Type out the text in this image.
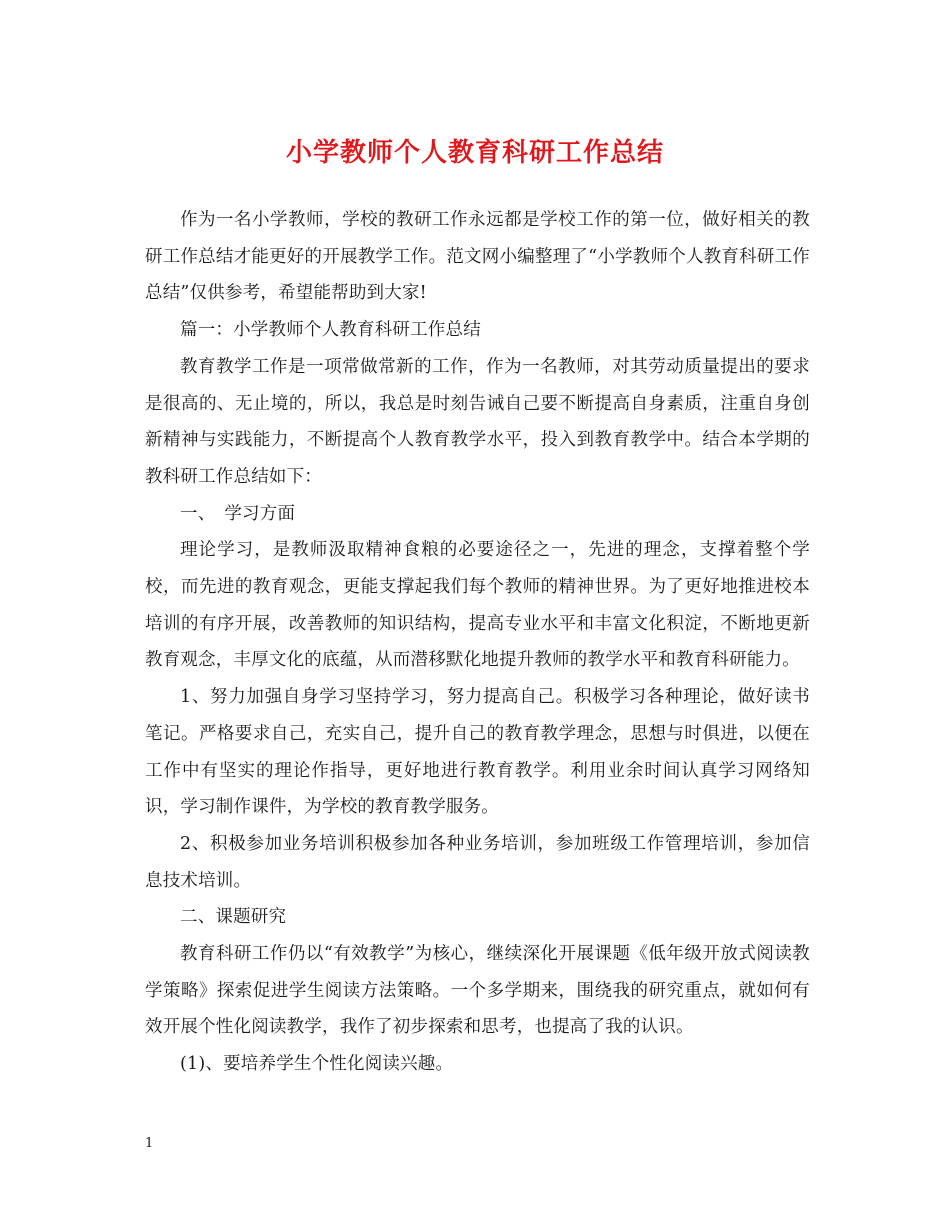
小学教师个人教育科研工作总结

作为一名小学教师，学校的教研工作永远都是学校工作的第一位，做好相关的教研工作总结才能更好的开展教学工作。范文网小编整理了“小学教师个人教育科研工作总结”仅供参考，希望能帮助到大家!

篇一：小学教师个人教育科研工作总结

教育教学工作是一项常做常新的工作，作为一名教师，对其劳动质量提出的要求是很高的、无止境的，所以，我总是时刻告诫自己要不断提高自身素质，注重自身创新精神与实践能力，不断提高个人教育教学水平，投入到教育教学中。结合本学期的教科研工作总结如下：

一、　学习方面

理论学习，是教师汲取精神食粮的必要途径之一，先进的理念，支撑着整个学校，而先进的教育观念，更能支撑起我们每个教师的精神世界。为了更好地推进校本培训的有序开展，改善教师的知识结构，提高专业水平和丰富文化积淀，不断地更新教育观念，丰厚文化的底蕴，从而潜移默化地提升教师的教学水平和教育科研能力。

1、努力加强自身学习坚持学习，努力提高自己。积极学习各种理论，做好读书笔记。严格要求自己，充实自己，提升自己的教育教学理念，思想与时俱进，以便在工作中有坚实的理论作指导，更好地进行教育教学。利用业余时间认真学习网络知识，学习制作课件，为学校的教育教学服务。

2、积极参加业务培训积极参加各种业务培训，参加班级工作管理培训，参加信息技术培训。

二、课题研究

教育科研工作仍以“有效教学”为核心，继续深化开展课题《低年级开放式阅读教学策略》探索促进学生阅读方法策略。一个多学期来，围绕我的研究重点，就如何有效开展个性化阅读教学，我作了初步探索和思考，也提高了我的认识。

(1)、要培养学生个性化阅读兴趣。

1
